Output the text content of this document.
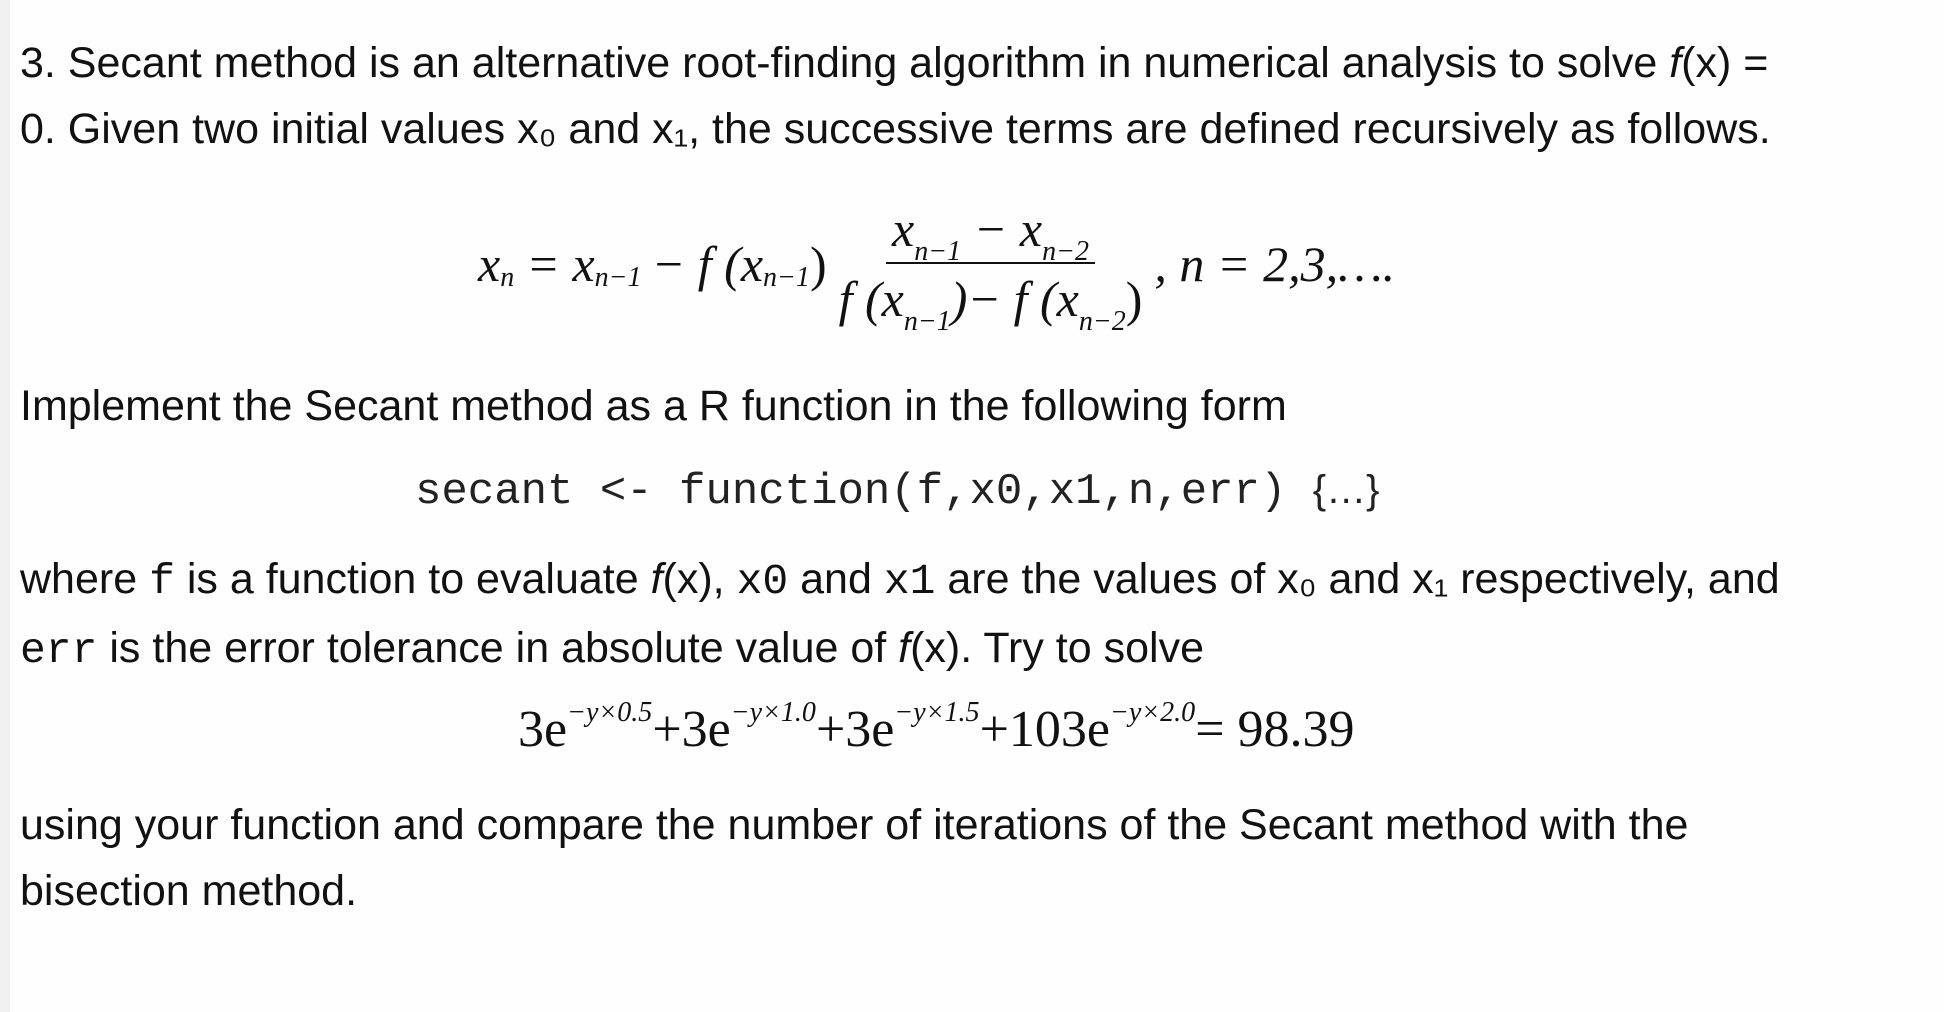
3. Secant method is an alternative root-finding algorithm in numerical analysis to solve f(x) =
0. Given two initial values x₀ and x₁, the successive terms are defined recursively as follows.
x n = x n−1 − f (x n−1 ) $\frac{x_{n-1} - x_{n-2}}{f (x_{n-1})- f (x_{n-2})}$ , n = 2,3,….
Implement the Secant method as a R function in the following form
secant <- function(f,x0,x1,n,err) {…}
where f is a function to evaluate f(x), x0 and x1 are the values of x₀ and x₁ respectively, and
err is the error tolerance in absolute value of f(x). Try to solve
3e −y×0.5 +3e −y×1.0 +3e −y×1.5 +103e −y×2.0 = 98.39
using your function and compare the number of iterations of the Secant method with the
bisection method.
